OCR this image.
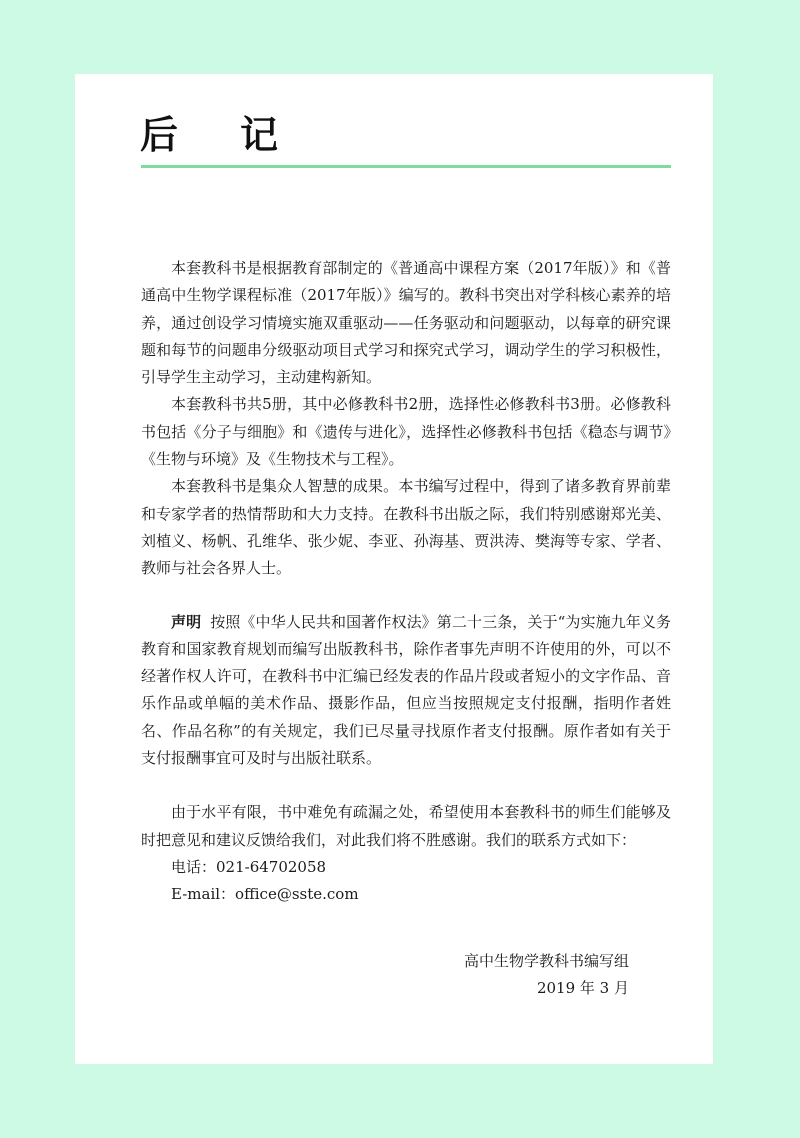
后记

本套教科书是根据教育部制定的《普通高中课程方案（2017年版）》和《普通高中生物学课程标准（2017年版）》编写的。教科书突出对学科核心素养的培养，通过创设学习情境实施双重驱动——任务驱动和问题驱动，以每章的研究课题和每节的问题串分级驱动项目式学习和探究式学习，调动学生的学习积极性，引导学生主动学习，主动建构新知。

本套教科书共5册，其中必修教科书2册，选择性必修教科书3册。必修教科书包括《分子与细胞》和《遗传与进化》，选择性必修教科书包括《稳态与调节》《生物与环境》及《生物技术与工程》。

本套教科书是集众人智慧的成果。本书编写过程中，得到了诸多教育界前辈和专家学者的热情帮助和大力支持。在教科书出版之际，我们特别感谢郑光美、刘植义、杨帆、孔维华、张少妮、李亚、孙海基、贾洪涛、樊海等专家、学者、教师与社会各界人士。

声明 按照《中华人民共和国著作权法》第二十三条，关于“为实施九年义务教育和国家教育规划而编写出版教科书，除作者事先声明不许使用的外，可以不经著作权人许可，在教科书中汇编已经发表的作品片段或者短小的文字作品、音乐作品或单幅的美术作品、摄影作品，但应当按照规定支付报酬，指明作者姓名、作品名称”的有关规定，我们已尽量寻找原作者支付报酬。原作者如有关于支付报酬事宜可及时与出版社联系。

由于水平有限，书中难免有疏漏之处，希望使用本套教科书的师生们能够及时把意见和建议反馈给我们，对此我们将不胜感谢。我们的联系方式如下：

电话：021-64702058

E-mail：office@sste.com

高中生物学教科书编写组
2019 年 3 月
